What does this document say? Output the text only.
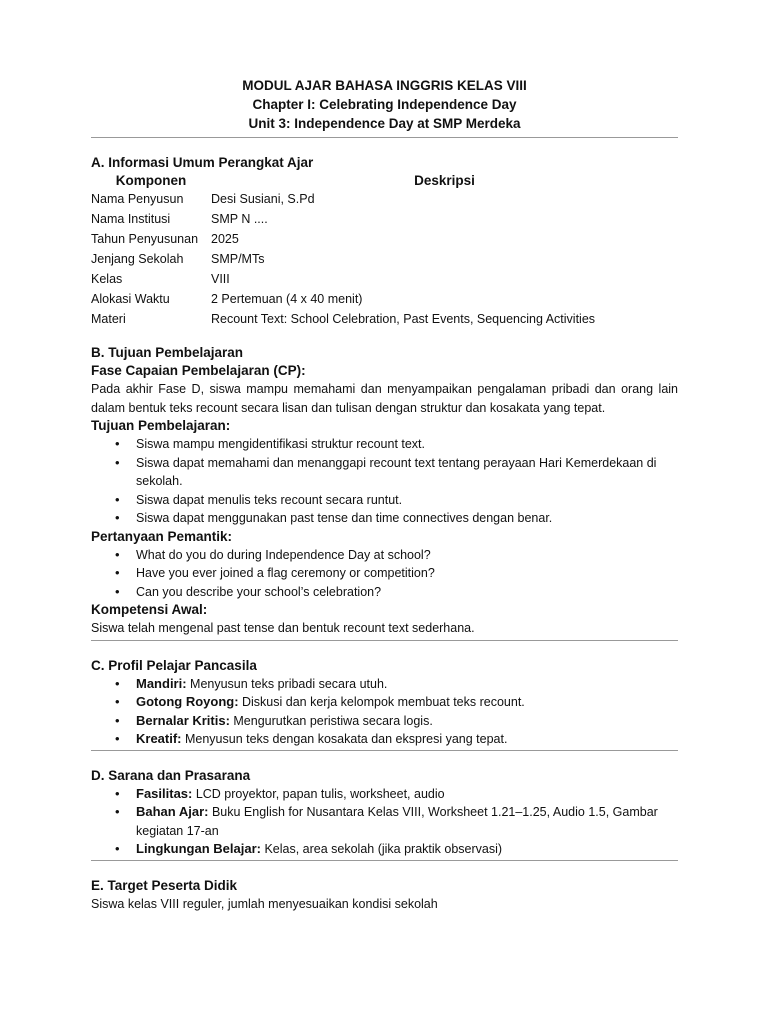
MODUL AJAR BAHASA INGGRIS KELAS VIII
Chapter I: Celebrating Independence Day
Unit 3: Independence Day at SMP Merdeka
A. Informasi Umum Perangkat Ajar
Komponen	Deskripsi
Nama Penyusun	Desi Susiani, S.Pd
Nama Institusi	SMP N ....
Tahun Penyusunan	2025
Jenjang Sekolah	SMP/MTs
Kelas	VIII
Alokasi Waktu	2 Pertemuan (4 x 40 menit)
Materi	Recount Text: School Celebration, Past Events, Sequencing Activities
B. Tujuan Pembelajaran
Fase Capaian Pembelajaran (CP):
Pada akhir Fase D, siswa mampu memahami dan menyampaikan pengalaman pribadi dan orang lain dalam bentuk teks recount secara lisan dan tulisan dengan struktur dan kosakata yang tepat.
Tujuan Pembelajaran:
• Siswa mampu mengidentifikasi struktur recount text.
• Siswa dapat memahami dan menanggapi recount text tentang perayaan Hari Kemerdekaan di sekolah.
• Siswa dapat menulis teks recount secara runtut.
• Siswa dapat menggunakan past tense dan time connectives dengan benar.
Pertanyaan Pemantik:
• What do you do during Independence Day at school?
• Have you ever joined a flag ceremony or competition?
• Can you describe your school’s celebration?
Kompetensi Awal:
Siswa telah mengenal past tense dan bentuk recount text sederhana.
C. Profil Pelajar Pancasila
• Mandiri: Menyusun teks pribadi secara utuh.
• Gotong Royong: Diskusi dan kerja kelompok membuat teks recount.
• Bernalar Kritis: Mengurutkan peristiwa secara logis.
• Kreatif: Menyusun teks dengan kosakata dan ekspresi yang tepat.
D. Sarana dan Prasarana
• Fasilitas: LCD proyektor, papan tulis, worksheet, audio
• Bahan Ajar: Buku English for Nusantara Kelas VIII, Worksheet 1.21–1.25, Audio 1.5, Gambar kegiatan 17-an
• Lingkungan Belajar: Kelas, area sekolah (jika praktik observasi)
E. Target Peserta Didik
Siswa kelas VIII reguler, jumlah menyesuaikan kondisi sekolah
